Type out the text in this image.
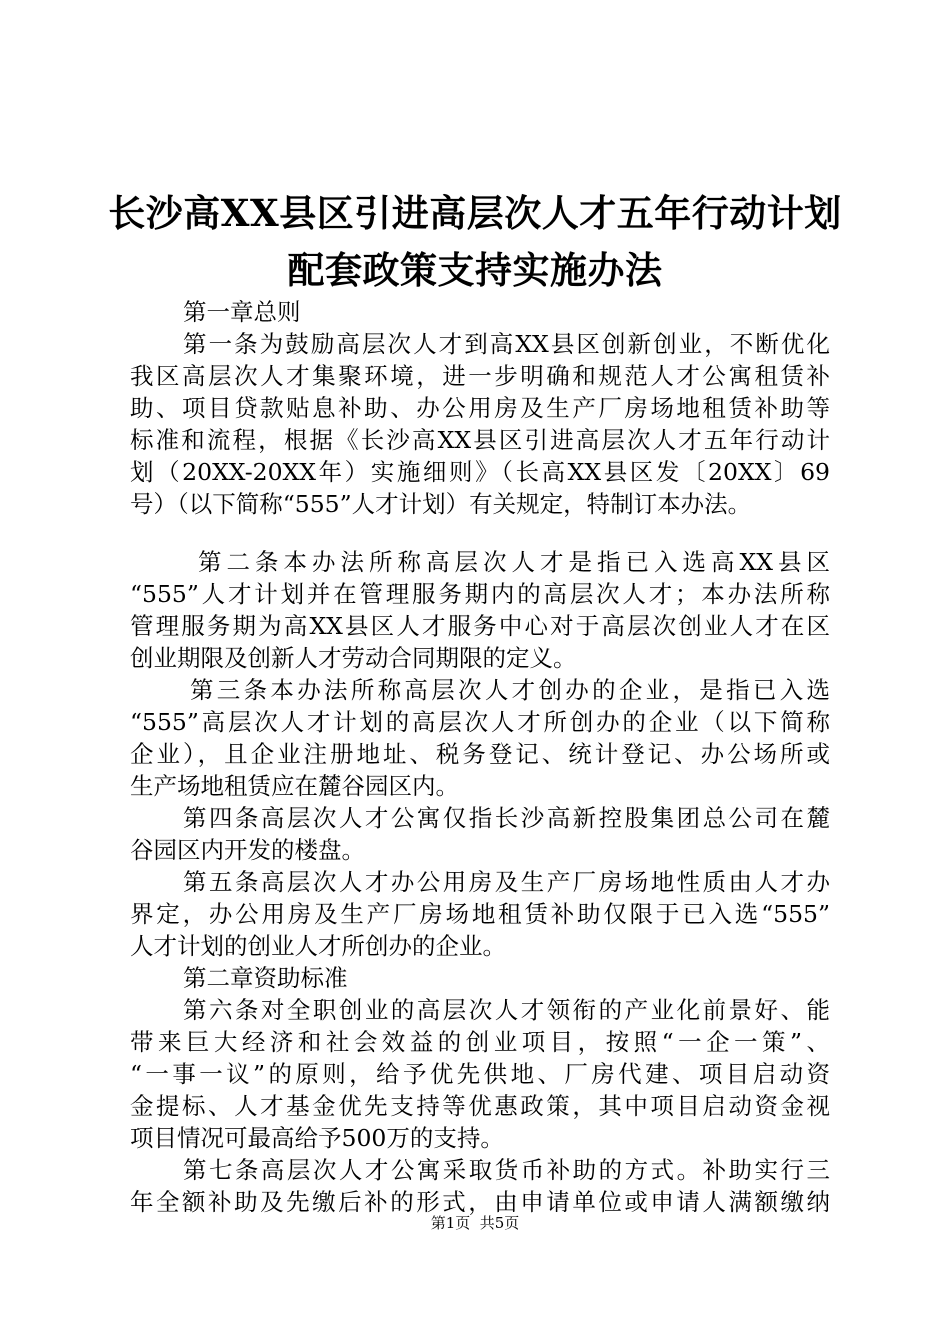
长沙高XX县区引进高层次人才五年行动计划
配套政策支持实施办法
第一章总则
第一条为鼓励高层次人才到高XX县区创新创业，不断优化
我区高层次人才集聚环境，进一步明确和规范人才公寓租赁补
助、项目贷款贴息补助、办公用房及生产厂房场地租赁补助等
标准和流程，根据《长沙高XX县区引进高层次人才五年行动计
划（20XX-20XX年）实施细则》（长高XX县区发〔20XX〕69
号）（以下简称“555”人才计划）有关规定，特制订本办法。
第二条本办法所称高层次人才是指已入选高XX县区
“555”人才计划并在管理服务期内的高层次人才；本办法所称
管理服务期为高XX县区人才服务中心对于高层次创业人才在区
创业期限及创新人才劳动合同期限的定义。
第三条本办法所称高层次人才创办的企业，是指已入选
“555”高层次人才计划的高层次人才所创办的企业（以下简称
企业），且企业注册地址、税务登记、统计登记、办公场所或
生产场地租赁应在麓谷园区内。
第四条高层次人才公寓仅指长沙高新控股集团总公司在麓
谷园区内开发的楼盘。
第五条高层次人才办公用房及生产厂房场地性质由人才办
界定，办公用房及生产厂房场地租赁补助仅限于已入选“555”
人才计划的创业人才所创办的企业。
第二章资助标准
第六条对全职创业的高层次人才领衔的产业化前景好、能
带来巨大经济和社会效益的创业项目，按照“一企一策”、
“一事一议”的原则，给予优先供地、厂房代建、项目启动资
金提标、人才基金优先支持等优惠政策，其中项目启动资金视
项目情况可最高给予500万的支持。
第七条高层次人才公寓采取货币补助的方式。补助实行三
年全额补助及先缴后补的形式，由申请单位或申请人满额缴纳
第1页  共5页
